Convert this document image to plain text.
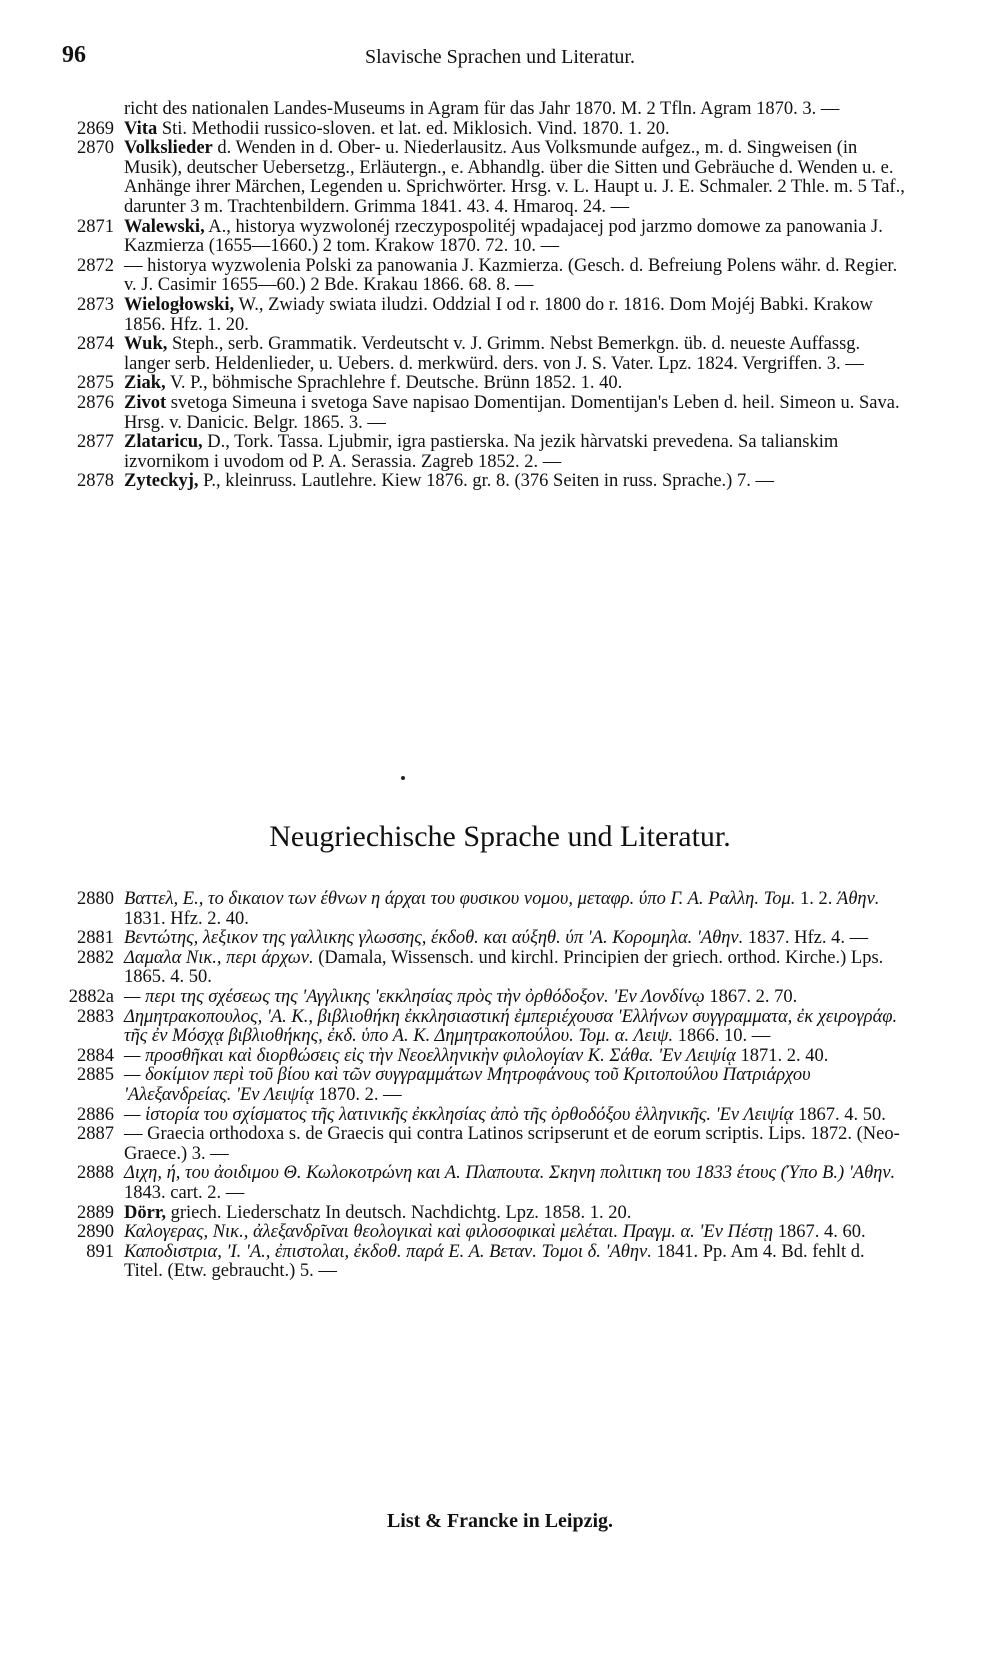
96	Slavische Sprachen und Literatur.

richt des nationalen Landes-Museums in Agram für das Jahr 1870. M. 2 Tfln. Agram 1870. 3. —

2869 Vita Sti. Methodii russico-sloven. et lat. ed. Miklosich. Vind. 1870. 1. 20.

2870 Volkslieder d. Wenden in d. Ober- u. Niederlausitz. Aus Volksmunde aufgez., m. d. Singweisen (in Musik), deutscher Uebersetzg., Erläutergn., e. Abhandlg. über die Sitten und Gebräuche d. Wenden u. e. Anhänge ihrer Märchen, Legenden u. Sprichwörter. Hrsg. v. L. Haupt u. J. E. Schmaler. 2 Thle. m. 5 Taf., darunter 3 m. Trachtenbildern. Grimma 1841. 43. 4. Hmaroq. 24. —

2871 Walewski, A., historya wyzwolonéj rzeczypospolitéj wpadajacej pod jarzmo domowe za panowania J. Kazmierza (1655—1660.) 2 tom. Krakow 1870. 72. 10. —

2872 — historya wyzwolenia Polski za panowania J. Kazmierza. (Gesch. d. Befreiung Polens währ. d. Regier. v. J. Casimir 1655—60.) 2 Bde. Krakau 1866. 68. 8. —

2873 Wielogłowski, W., Zwiady swiata iludzi. Oddzial I od r. 1800 do r. 1816. Dom Mojéj Babki. Krakow 1856. Hfz. 1. 20.

2874 Wuk, Steph., serb. Grammatik. Verdeutscht v. J. Grimm. Nebst Bemerkgn. üb. d. neueste Auffassg. langer serb. Heldenlieder, u. Uebers. d. merkwürd. ders. von J. S. Vater. Lpz. 1824. Vergriffen. 3. —

2875 Ziak, V. P., böhmische Sprachlehre f. Deutsche. Brünn 1852. 1. 40.

2876 Zivot svetoga Simeuna i svetoga Save napisao Domentijan. Domentijan's Leben d. heil. Simeon u. Sava. Hrsg. v. Danicic. Belgr. 1865. 3. —

2877 Zlataricu, D., Tork. Tassa. Ljubmir, igra pastierska. Na jezik hàrvatski prevedena. Sa talianskim izvornikom i uvodom od P. A. Serassia. Zagreb 1852. 2. —

2878 Zyteckyj, P., kleinruss. Lautlehre. Kiew 1876. gr. 8. (376 Seiten in russ. Sprache.) 7. —

Neugriechische Sprache und Literatur.

2880 Βαττελ, Ε., το δικαιον των έθνων η άρχαι του φυσικου νομου, μεταφρ. ύπο Γ. Α. Ραλλη. Τομ. 1. 2. Άθην. 1831. Hfz. 2. 40.

2881 Βεντώτης, λεξικον της γαλλικης γλωσσης, έκδοθ. και αύξηθ. ύπ 'Α. Κορομηλα. 'Αθην. 1837. Hfz. 4. —

2882 Δαμαλα Νικ., περι άρχων. (Damala, Wissensch. und kirchl. Principien der griech. orthod. Kirche.) Lps. 1865. 4. 50.

2882a — περι της σχέσεως της 'Αγγλικης 'εκκλησίας πρὸς τὴν ὀρθόδοξον. 'Εν Λονδίνῳ 1867. 2. 70.

2883 Δημητρακοπουλος, 'Α. Κ., βιβλιοθήκη ἐκκλησιαστική ἐμπεριέχουσα 'Ελλήνων συγγραμματα, ἐκ χειρογράφ. τῆς ἐν Μόσχᾳ βιβλιοθήκης, ἐκδ. ὑπο Α. Κ. Δημητρακοπούλου. Τομ. α. Λειψ. 1866. 10. —

2884 — προσθῆκαι καὶ διορθώσεις εἰς τὴν Νεοελληνικὴν φιλολογίαν Κ. Σάθα. 'Εν Λειψίᾳ 1871. 2. 40.

2885 — δοκίμιον περὶ τοῦ βίου καὶ τῶν συγγραμμάτων Μητροφάνους τοῦ Κριτοπούλου Πατριάρχου 'Αλεξανδρείας. 'Εν Λειψίᾳ 1870. 2. —

2886 — ἱστορία του σχίσματος τῆς λατινικῆς ἐκκλησίας ἀπὸ τῆς ὀρθοδόξου ἑλληνικῆς. 'Εν Λειψίᾳ 1867. 4. 50.

2887 — Graecia orthodoxa s. de Graecis qui contra Latinos scripserunt et de eorum scriptis. Lips. 1872. (Neo-Graece.) 3. —

2888 Διχη, ή, του ἀοιδιμου Θ. Κωλοκοτρώνη και Α. Πλαπουτα. Σκηνη πολιτικη του 1833 έτους (Ύπο Β.) 'Αθην. 1843. cart. 2. —

2889 Dörr, griech. Liederschatz In deutsch. Nachdichtg. Lpz. 1858. 1. 20.

2890 Καλογερας, Νικ., ἀλεξανδρῖναι θεολογικαὶ καὶ φιλοσοφικαὶ μελέται. Πραγμ. α. 'Εν Πέστῃ 1867. 4. 60.

891 Καποδιστρια, 'Ι. 'Α., ἐπιστολαι, ἐκδοθ. παρά Ε. Α. Βεταν. Τομοι δ. 'Αθην. 1841. Pp. Am 4. Bd. fehlt d. Titel. (Etw. gebraucht.) 5. —

List & Francke in Leipzig.
